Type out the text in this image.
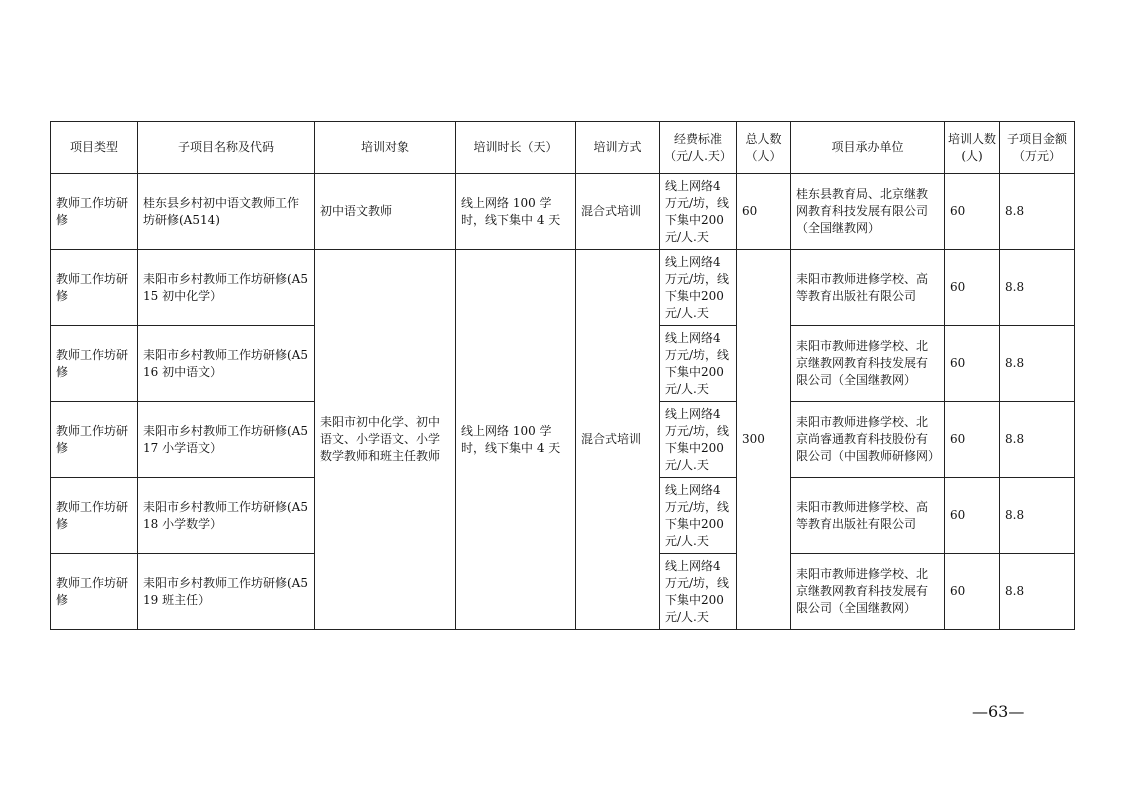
项目类型	子项目名称及代码	培训对象	培训时长（天）	培训方式	经费标准（元/人.天）	总人数（人）	项目承办单位	培训人数(人)	子项目金额（万元）
教师工作坊研修	桂东县乡村初中语文教师工作坊研修(A514)	初中语文教师	线上网络 100 学时，线下集中 4 天	混合式培训	线上网络4万元/坊，线下集中200元/人.天	60	桂东县教育局、北京继教网教育科技发展有限公司（全国继教网）	60	8.8
教师工作坊研修	耒阳市乡村教师工作坊研修(A515 初中化学）	耒阳市初中化学、初中语文、小学语文、小学数学教师和班主任教师	线上网络 100 学时，线下集中 4 天	混合式培训	线上网络4万元/坊，线下集中200元/人.天	300	耒阳市教师进修学校、高等教育出版社有限公司	60	8.8
教师工作坊研修	耒阳市乡村教师工作坊研修(A516 初中语文）				线上网络4万元/坊，线下集中200元/人.天		耒阳市教师进修学校、北京继教网教育科技发展有限公司（全国继教网）	60	8.8
教师工作坊研修	耒阳市乡村教师工作坊研修(A517 小学语文）				线上网络4万元/坊，线下集中200元/人.天		耒阳市教师进修学校、北京尚睿通教育科技股份有限公司（中国教师研修网）	60	8.8
教师工作坊研修	耒阳市乡村教师工作坊研修(A518 小学数学）				线上网络4万元/坊，线下集中200元/人.天		耒阳市教师进修学校、高等教育出版社有限公司	60	8.8
教师工作坊研修	耒阳市乡村教师工作坊研修(A519 班主任）				线上网络4万元/坊，线下集中200元/人.天		耒阳市教师进修学校、北京继教网教育科技发展有限公司（全国继教网）	60	8.8
—63—
